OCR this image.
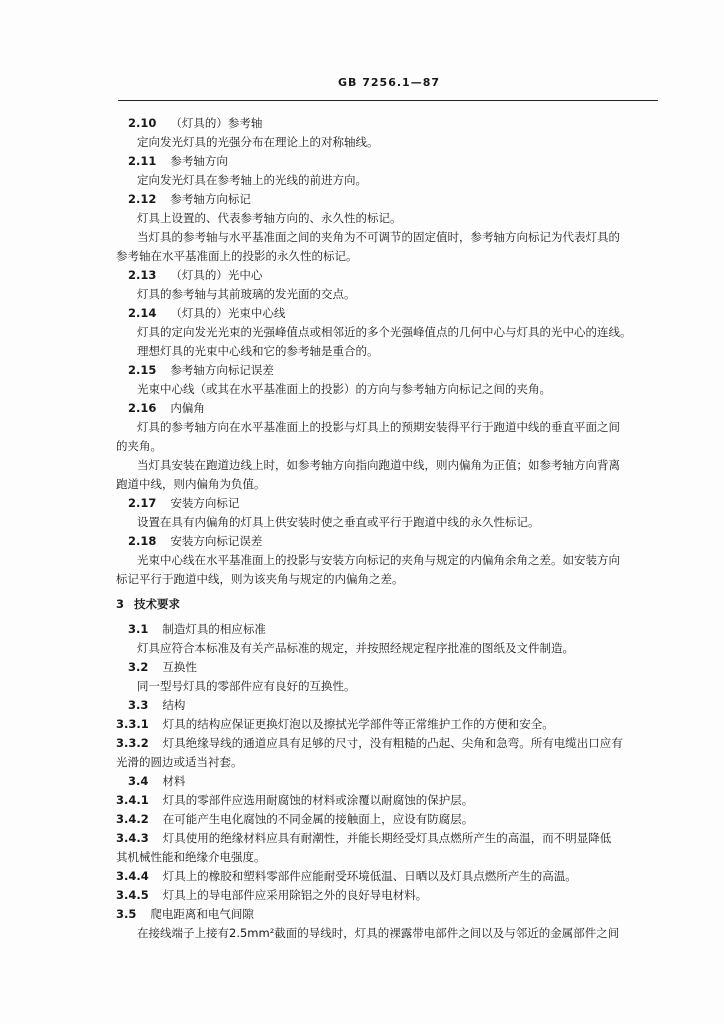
GB 7256.1—87
2.10 （灯具的）参考轴
定向发光灯具的光强分布在理论上的对称轴线。
2.11 参考轴方向
定向发光灯具在参考轴上的光线的前进方向。
2.12 参考轴方向标记
灯具上设置的、代表参考轴方向的、永久性的标记。
当灯具的参考轴与水平基准面之间的夹角为不可调节的固定值时，参考轴方向标记为代表灯具的
参考轴在水平基准面上的投影的永久性的标记。
2.13 （灯具的）光中心
灯具的参考轴与其前玻璃的发光面的交点。
2.14 （灯具的）光束中心线
灯具的定向发光光束的光强峰值点或相邻近的多个光强峰值点的几何中心与灯具的光中心的连线。
理想灯具的光束中心线和它的参考轴是重合的。
2.15 参考轴方向标记误差
光束中心线（或其在水平基准面上的投影）的方向与参考轴方向标记之间的夹角。
2.16 内偏角
灯具的参考轴方向在水平基准面上的投影与灯具上的预期安装得平行于跑道中线的垂直平面之间
的夹角。
当灯具安装在跑道边线上时，如参考轴方向指向跑道中线，则内偏角为正值；如参考轴方向背离
跑道中线，则内偏角为负值。
2.17 安装方向标记
设置在具有内偏角的灯具上供安装时使之垂直或平行于跑道中线的永久性标记。
2.18 安装方向标记误差
光束中心线在水平基准面上的投影与安装方向标记的夹角与规定的内偏角余角之差。如安装方向
标记平行于跑道中线，则为该夹角与规定的内偏角之差。
3 技术要求
3.1 制造灯具的相应标准
灯具应符合本标准及有关产品标准的规定，并按照经规定程序批准的图纸及文件制造。
3.2 互换性
同一型号灯具的零部件应有良好的互换性。
3.3 结构
3.3.1 灯具的结构应保证更换灯泡以及擦拭光学部件等正常维护工作的方便和安全。
3.3.2 灯具绝缘导线的通道应具有足够的尺寸，没有粗糙的凸起、尖角和急弯。所有电缆出口应有
光滑的圆边或适当衬套。
3.4 材料
3.4.1 灯具的零部件应选用耐腐蚀的材料或涂覆以耐腐蚀的保护层。
3.4.2 在可能产生电化腐蚀的不同金属的接触面上，应设有防腐层。
3.4.3 灯具使用的绝缘材料应具有耐潮性，并能长期经受灯具点燃所产生的高温，而不明显降低
其机械性能和绝缘介电强度。
3.4.4 灯具上的橡胶和塑料零部件应能耐受环境低温、日晒以及灯具点燃所产生的高温。
3.4.5 灯具上的导电部件应采用除铝之外的良好导电材料。
3.5 爬电距离和电气间隙
在接线端子上接有2.5mm²截面的导线时，灯具的裸露带电部件之间以及与邻近的金属部件之间
